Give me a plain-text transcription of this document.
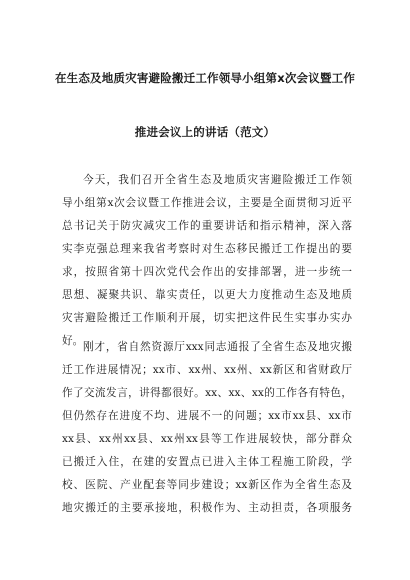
在生态及地质灾害避险搬迁工作领导小组第x次会议暨工作
推进会议上的讲话（范文）
今天，我们召开全省生态及地质灾害避险搬迁工作领
导小组第x次会议暨工作推进会议，主要是全面贯彻习近平
总书记关于防灾减灾工作的重要讲话和指示精神，深入落
实李克强总理来我省考察时对生态移民搬迁工作提出的要
求，按照省第十四次党代会作出的安排部署，进一步统一
思想、凝聚共识、靠实责任，以更大力度推动生态及地质
灾害避险搬迁工作顺利开展，切实把这件民生实事办实办
好。 刚才，省自然资源厅xxx同志通报了全省生态及地灾搬
迁工作进展情况；xx市、xx州、xx州、xx新区和省财政厅
作了交流发言，讲得都很好。xx、xx、xx的工作各有特色，
但仍然存在进度不均、进展不一的问题；xx市xx县、xx市
xx县、xx州xx县、xx州xx县等工作进展较快，部分群众
已搬迁入住，在建的安置点已进入主体工程施工阶段，学
校、医院、产业配套等同步建设；xx新区作为全省生态及
地灾搬迁的主要承接地，积极作为、主动担责，各项服务
